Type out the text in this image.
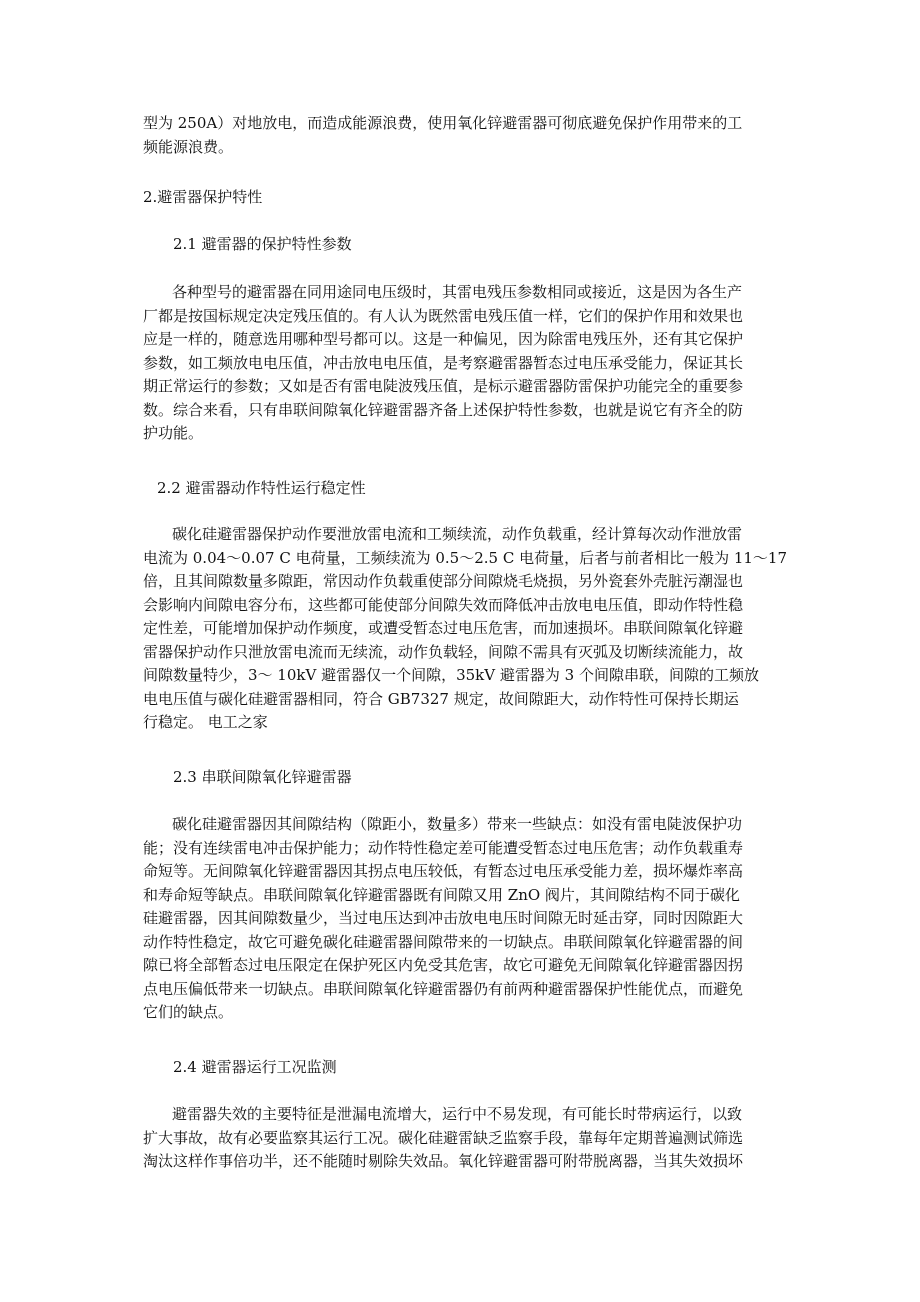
型为 250A）对地放电，而造成能源浪费，使用氧化锌避雷器可彻底避免保护作用带来的工
频能源浪费。
2.避雷器保护特性
2.1 避雷器的保护特性参数
各种型号的避雷器在同用途同电压级时，其雷电残压参数相同或接近，这是因为各生产
厂都是按国标规定决定残压值的。有人认为既然雷电残压值一样，它们的保护作用和效果也
应是一样的，随意选用哪种型号都可以。这是一种偏见，因为除雷电残压外，还有其它保护
参数，如工频放电电压值，冲击放电电压值，是考察避雷器暂态过电压承受能力，保证其长
期正常运行的参数；又如是否有雷电陡波残压值，是标示避雷器防雷保护功能完全的重要参
数。综合来看，只有串联间隙氧化锌避雷器齐备上述保护特性参数，也就是说它有齐全的防
护功能。
2.2 避雷器动作特性运行稳定性
碳化硅避雷器保护动作要泄放雷电流和工频续流，动作负载重，经计算每次动作泄放雷
电流为 0.04～0.07 C 电荷量，工频续流为 0.5～2.5 C 电荷量，后者与前者相比一般为 11～17
倍，且其间隙数量多隙距，常因动作负载重使部分间隙烧毛烧损，另外瓷套外壳脏污潮湿也
会影响内间隙电容分布，这些都可能使部分间隙失效而降低冲击放电电压值，即动作特性稳
定性差，可能增加保护动作频度，或遭受暂态过电压危害，而加速损坏。串联间隙氧化锌避
雷器保护动作只泄放雷电流而无续流，动作负载轻，间隙不需具有灭弧及切断续流能力，故
间隙数量特少，3～ 10kV 避雷器仅一个间隙，35kV 避雷器为 3 个间隙串联，间隙的工频放
电电压值与碳化硅避雷器相同，符合 GB7327 规定，故间隙距大，动作特性可保持长期运
行稳定。 电工之家
2.3 串联间隙氧化锌避雷器
碳化硅避雷器因其间隙结构（隙距小，数量多）带来一些缺点：如没有雷电陡波保护功
能；没有连续雷电冲击保护能力；动作特性稳定差可能遭受暂态过电压危害；动作负载重寿
命短等。无间隙氧化锌避雷器因其拐点电压较低，有暂态过电压承受能力差，损坏爆炸率高
和寿命短等缺点。串联间隙氧化锌避雷器既有间隙又用 ZnO 阀片，其间隙结构不同于碳化
硅避雷器，因其间隙数量少，当过电压达到冲击放电电压时间隙无时延击穿，同时因隙距大
动作特性稳定，故它可避免碳化硅避雷器间隙带来的一切缺点。串联间隙氧化锌避雷器的间
隙已将全部暂态过电压限定在保护死区内免受其危害，故它可避免无间隙氧化锌避雷器因拐
点电压偏低带来一切缺点。串联间隙氧化锌避雷器仍有前两种避雷器保护性能优点，而避免
它们的缺点。
2.4 避雷器运行工况监测
避雷器失效的主要特征是泄漏电流增大，运行中不易发现，有可能长时带病运行，以致
扩大事故，故有必要监察其运行工况。碳化硅避雷缺乏监察手段，靠每年定期普遍测试筛选
淘汰这样作事倍功半，还不能随时剔除失效品。氧化锌避雷器可附带脱离器，当其失效损坏
